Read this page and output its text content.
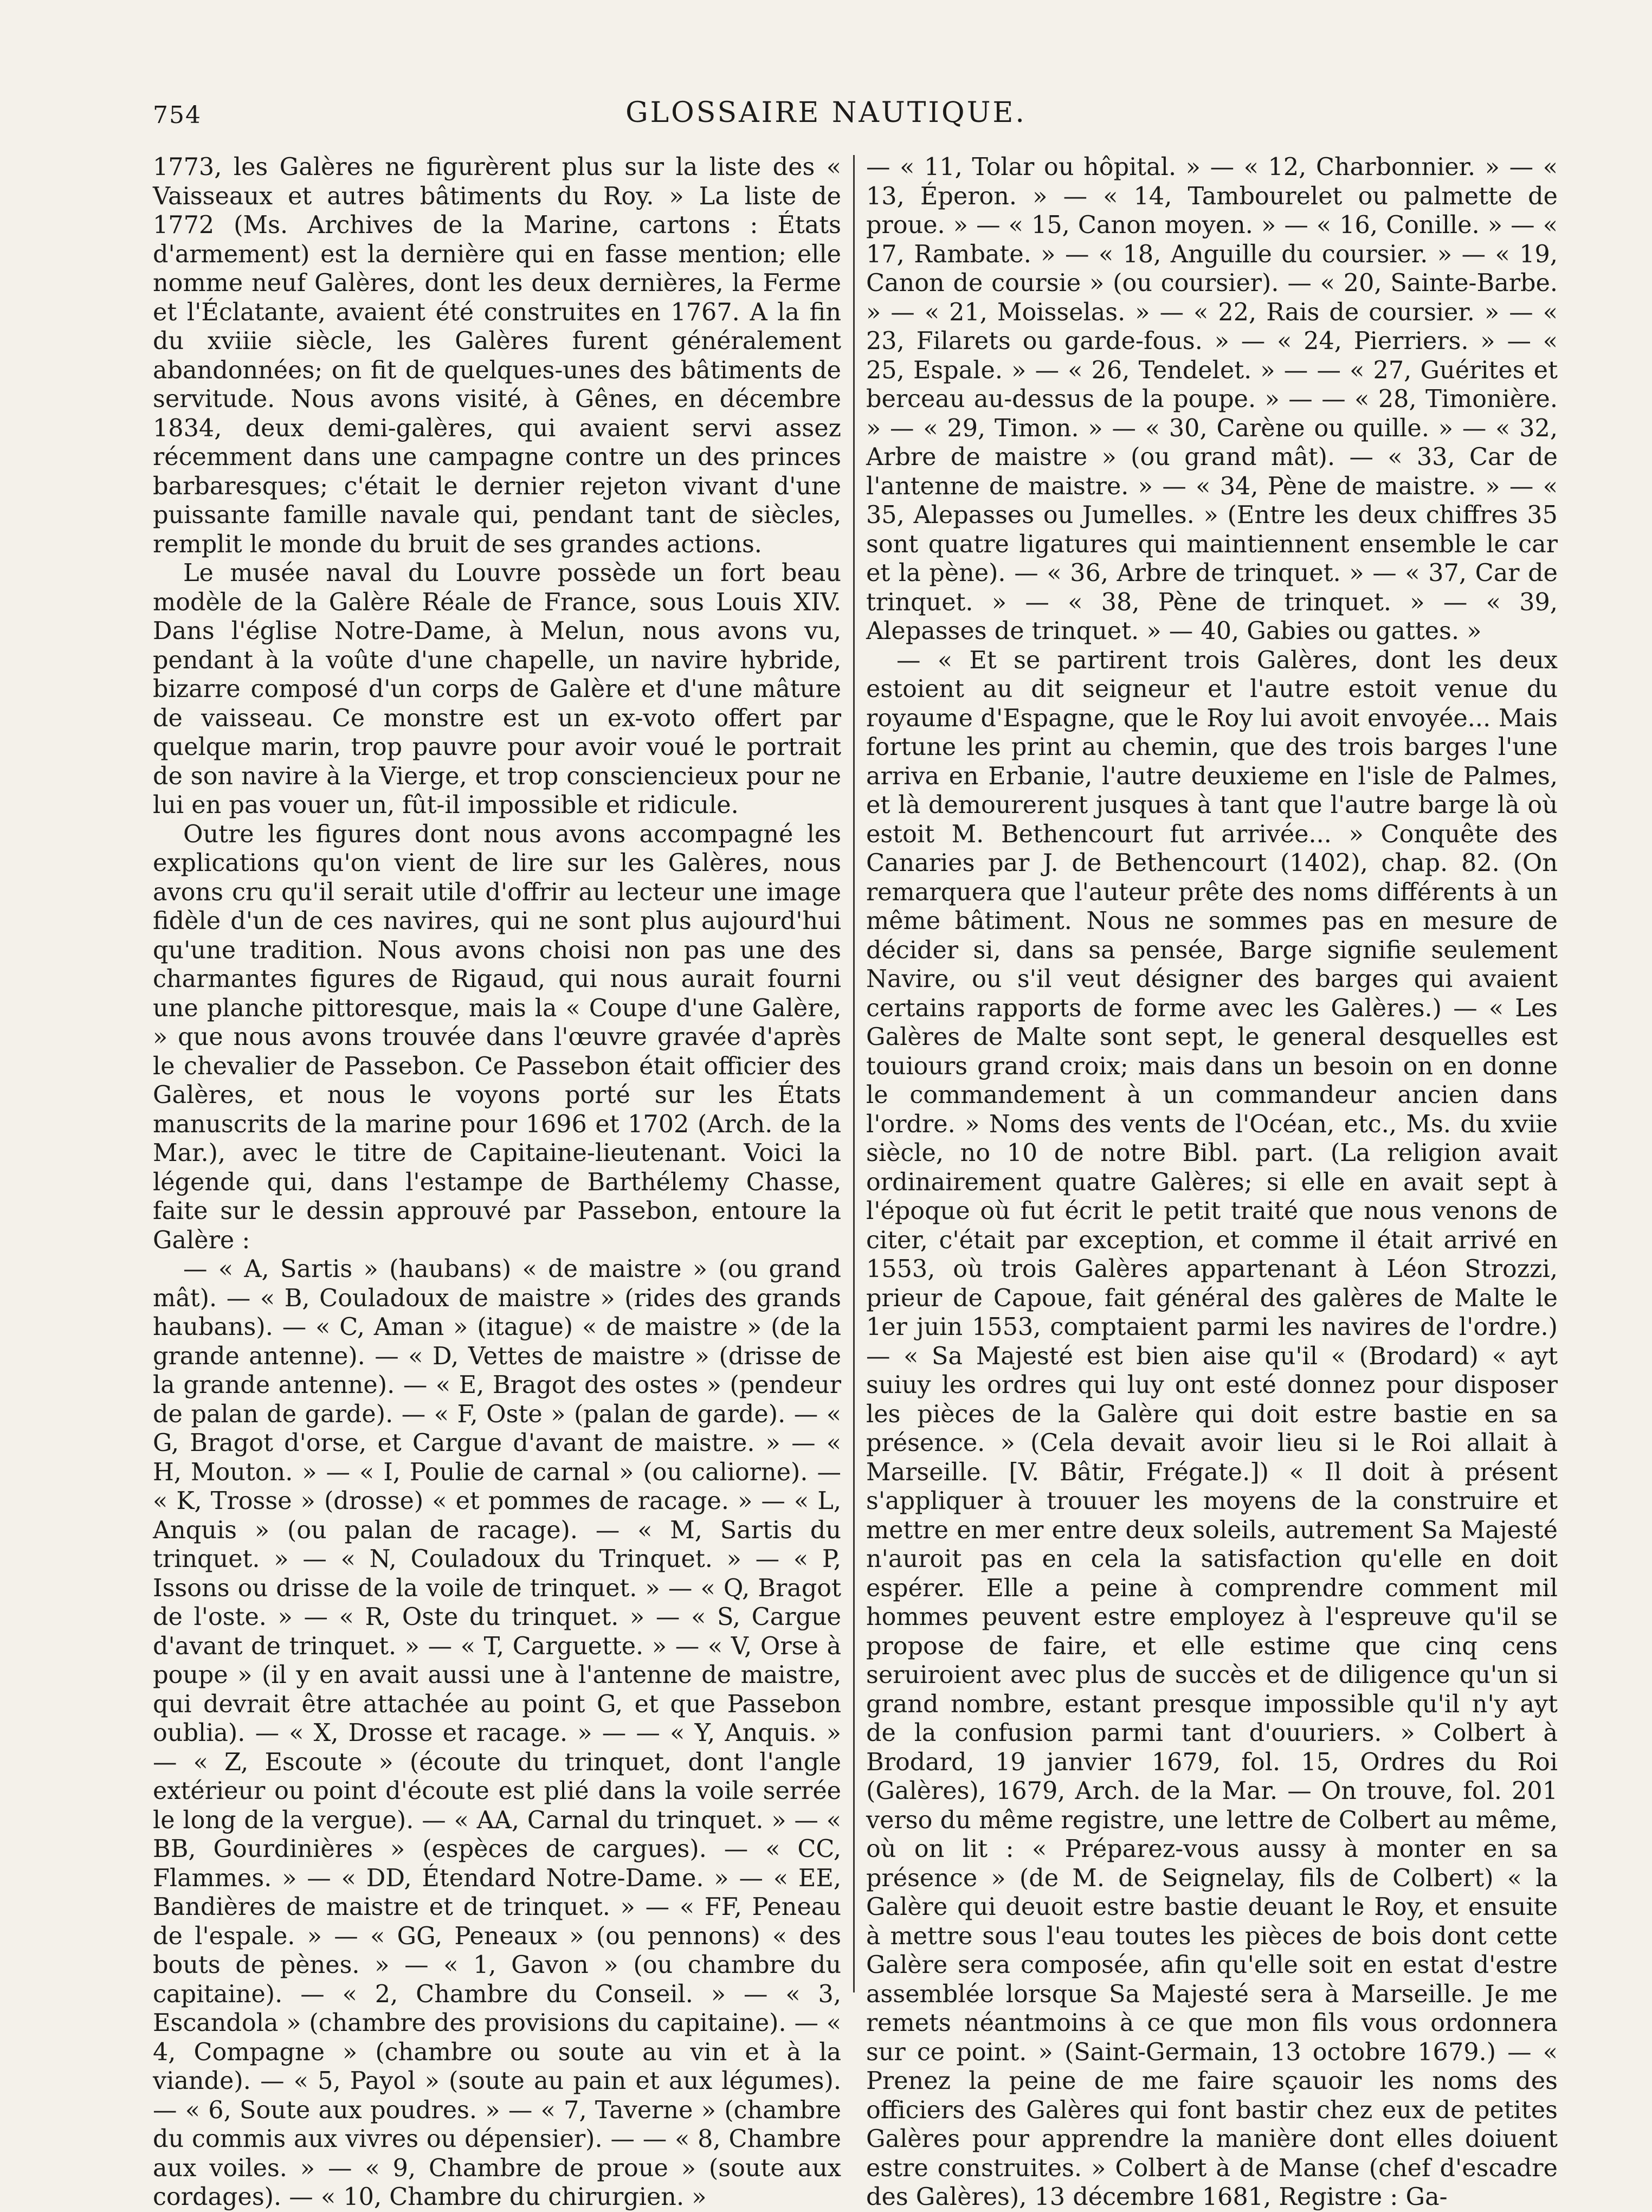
754	GLOSSAIRE NAUTIQUE.

1773, les Galères ne figurèrent plus sur la liste des « Vaisseaux et autres bâtiments du Roy. » La liste de 1772 (Ms. Archives de la Marine, cartons : États d'armement) est la dernière qui en fasse mention; elle nomme neuf Galères, dont les deux dernières, la Ferme et l'Éclatante, avaient été construites en 1767. A la fin du xviiie siècle, les Galères furent généralement abandonnées; on fit de quelques-unes des bâtiments de servitude. Nous avons visité, à Gênes, en décembre 1834, deux demi-galères, qui avaient servi assez récemment dans une campagne contre un des princes barbaresques; c'était le dernier rejeton vivant d'une puissante famille navale qui, pendant tant de siècles, remplit le monde du bruit de ses grandes actions.

Le musée naval du Louvre possède un fort beau modèle de la Galère Réale de France, sous Louis XIV. Dans l'église Notre-Dame, à Melun, nous avons vu, pendant à la voûte d'une chapelle, un navire hybride, bizarre composé d'un corps de Galère et d'une mâture de vaisseau. Ce monstre est un ex-voto offert par quelque marin, trop pauvre pour avoir voué le portrait de son navire à la Vierge, et trop consciencieux pour ne lui en pas vouer un, fût-il impossible et ridicule.

Outre les figures dont nous avons accompagné les explications qu'on vient de lire sur les Galères, nous avons cru qu'il serait utile d'offrir au lecteur une image fidèle d'un de ces navires, qui ne sont plus aujourd'hui qu'une tradition. Nous avons choisi non pas une des charmantes figures de Rigaud, qui nous aurait fourni une planche pittoresque, mais la « Coupe d'une Galère, » que nous avons trouvée dans l'œuvre gravée d'après le chevalier de Passebon. Ce Passebon était officier des Galères, et nous le voyons porté sur les États manuscrits de la marine pour 1696 et 1702 (Arch. de la Mar.), avec le titre de Capitaine-lieutenant. Voici la légende qui, dans l'estampe de Barthélemy Chasse, faite sur le dessin approuvé par Passebon, entoure la Galère :

— « A, Sartis » (haubans) « de maistre » (ou grand mât). — « B, Couladoux de maistre » (rides des grands haubans). — « C, Aman » (itague) « de maistre » (de la grande antenne). — « D, Vettes de maistre » (drisse de la grande antenne). — « E, Bragot des ostes » (pendeur de palan de garde). — « F, Oste » (palan de garde). — « G, Bragot d'orse, et Cargue d'avant de maistre. » — « H, Mouton. » — « I, Poulie de carnal » (ou caliorne). — « K, Trosse » (drosse) « et pommes de racage. » — « L, Anquis » (ou palan de racage). — « M, Sartis du trinquet. » — « N, Couladoux du Trinquet. » — « P, Issons ou drisse de la voile de trinquet. » — « Q, Bragot de l'oste. » — « R, Oste du trinquet. » — « S, Cargue d'avant de trinquet. » — « T, Carguette. » — « V, Orse à poupe » (il y en avait aussi une à l'antenne de maistre, qui devrait être attachée au point G, et que Passebon oublia). — « X, Drosse et racage. » — — « Y, Anquis. » — « Z, Escoute » (écoute du trinquet, dont l'angle extérieur ou point d'écoute est plié dans la voile serrée le long de la vergue). — « AA, Carnal du trinquet. » — « BB, Gourdinières » (espèces de cargues). — « CC, Flammes. » — « DD, Étendard Notre-Dame. » — « EE, Bandières de maistre et de trinquet. » — « FF, Peneau de l'espale. » — « GG, Peneaux » (ou pennons) « des bouts de pènes. » — « 1, Gavon » (ou chambre du capitaine). — « 2, Chambre du Conseil. » — « 3, Escandola » (chambre des provisions du capitaine). — « 4, Compagne » (chambre ou soute au vin et à la viande). — « 5, Payol » (soute au pain et aux légumes). — « 6, Soute aux poudres. » — « 7, Taverne » (chambre du commis aux vivres ou dépensier). — — « 8, Chambre aux voiles. » — « 9, Chambre de proue » (soute aux cordages). — « 10, Chambre du chirurgien. »

— « 11, Tolar ou hôpital. » — « 12, Charbonnier. » — « 13, Éperon. » — « 14, Tambourelet ou palmette de proue. » — « 15, Canon moyen. » — « 16, Conille. » — « 17, Rambate. » — « 18, Anguille du coursier. » — « 19, Canon de coursie » (ou coursier). — « 20, Sainte-Barbe. » — « 21, Moisselas. » — « 22, Rais de coursier. » — « 23, Filarets ou garde-fous. » — « 24, Pierriers. » — « 25, Espale. » — « 26, Tendelet. » — — « 27, Guérites et berceau au-dessus de la poupe. » — — « 28, Timonière. » — « 29, Timon. » — « 30, Carène ou quille. » — « 32, Arbre de maistre » (ou grand mât). — « 33, Car de l'antenne de maistre. » — « 34, Pène de maistre. » — « 35, Alepasses ou Jumelles. » (Entre les deux chiffres 35 sont quatre ligatures qui maintiennent ensemble le car et la pène). — « 36, Arbre de trinquet. » — « 37, Car de trinquet. » — « 38, Pène de trinquet. » — « 39, Alepasses de trinquet. » — 40, Gabies ou gattes. »

— « Et se partirent trois Galères, dont les deux estoient au dit seigneur et l'autre estoit venue du royaume d'Espagne, que le Roy lui avoit envoyée... Mais fortune les print au chemin, que des trois barges l'une arriva en Erbanie, l'autre deuxieme en l'isle de Palmes, et là demourerent jusques à tant que l'autre barge là où estoit M. Bethencourt fut arrivée... » Conquête des Canaries par J. de Bethencourt (1402), chap. 82. (On remarquera que l'auteur prête des noms différents à un même bâtiment. Nous ne sommes pas en mesure de décider si, dans sa pensée, Barge signifie seulement Navire, ou s'il veut désigner des barges qui avaient certains rapports de forme avec les Galères.) — « Les Galères de Malte sont sept, le general desquelles est touiours grand croix; mais dans un besoin on en donne le commandement à un commandeur ancien dans l'ordre. » Noms des vents de l'Océan, etc., Ms. du xviie siècle, no 10 de notre Bibl. part. (La religion avait ordinairement quatre Galères; si elle en avait sept à l'époque où fut écrit le petit traité que nous venons de citer, c'était par exception, et comme il était arrivé en 1553, où trois Galères appartenant à Léon Strozzi, prieur de Capoue, fait général des galères de Malte le 1er juin 1553, comptaient parmi les navires de l'ordre.) — « Sa Majesté est bien aise qu'il « (Brodard) « ayt suiuy les ordres qui luy ont esté donnez pour disposer les pièces de la Galère qui doit estre bastie en sa présence. » (Cela devait avoir lieu si le Roi allait à Marseille. [V. Bâtir, Frégate.]) « Il doit à présent s'appliquer à trouuer les moyens de la construire et mettre en mer entre deux soleils, autrement Sa Majesté n'auroit pas en cela la satisfaction qu'elle en doit espérer. Elle a peine à comprendre comment mil hommes peuvent estre employez à l'espreuve qu'il se propose de faire, et elle estime que cinq cens seruiroient avec plus de succès et de diligence qu'un si grand nombre, estant presque impossible qu'il n'y ayt de la confusion parmi tant d'ouuriers. » Colbert à Brodard, 19 janvier 1679, fol. 15, Ordres du Roi (Galères), 1679, Arch. de la Mar. — On trouve, fol. 201 verso du même registre, une lettre de Colbert au même, où on lit : « Préparez-vous aussy à monter en sa présence » (de M. de Seignelay, fils de Colbert) « la Galère qui deuoit estre bastie deuant le Roy, et ensuite à mettre sous l'eau toutes les pièces de bois dont cette Galère sera composée, afin qu'elle soit en estat d'estre assemblée lorsque Sa Majesté sera à Marseille. Je me remets néantmoins à ce que mon fils vous ordonnera sur ce point. » (Saint-Germain, 13 octobre 1679.) — « Prenez la peine de me faire sçauoir les noms des officiers des Galères qui font bastir chez eux de petites Galères pour apprendre la manière dont elles doiuent estre construites. » Colbert à de Manse (chef d'escadre des Galères), 13 décembre 1681, Registre : Ga-
